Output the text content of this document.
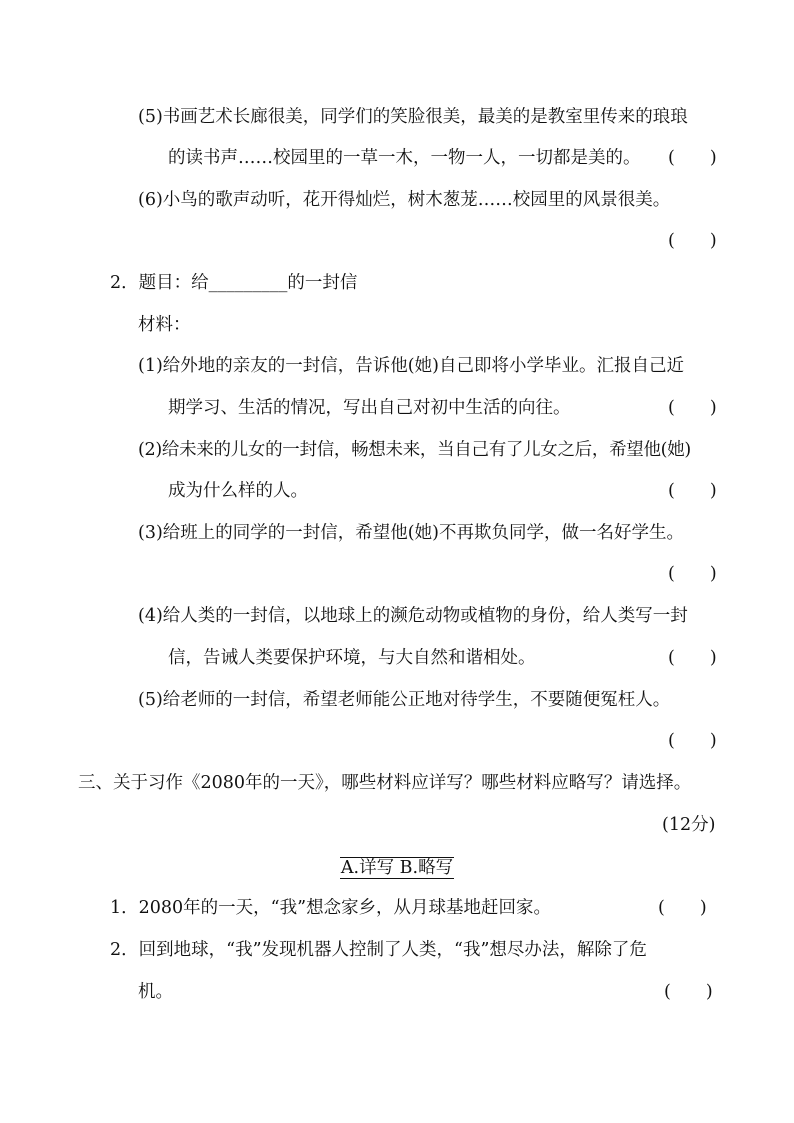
(5)书画艺术长廊很美，同学们的笑脸很美，最美的是教室里传来的琅琅
的读书声……校园里的一草一木，一物一人，一切都是美的。 (　　)
(6)小鸟的歌声动听，花开得灿烂，树木葱茏……校园里的风景很美。
(　　)
2．题目：给_________的一封信
材料：
(1)给外地的亲友的一封信，告诉他(她)自己即将小学毕业。汇报自己近
期学习、生活的情况，写出自己对初中生活的向往。	(　　)
(2)给未来的儿女的一封信，畅想未来，当自己有了儿女之后，希望他(她)
成为什么样的人。	(　　)
(3)给班上的同学的一封信，希望他(她)不再欺负同学，做一名好学生。
(　　)
(4)给人类的一封信，以地球上的濒危动物或植物的身份，给人类写一封
信，告诫人类要保护环境，与大自然和谐相处。	(　　)
(5)给老师的一封信，希望老师能公正地对待学生，不要随便冤枉人。
(　　)
三、关于习作《2080年的一天》，哪些材料应详写？哪些材料应略写？请选择。
(12分)
A.详写 B.略写
1．2080年的一天，“我”想念家乡，从月球基地赶回家。	(　　)
2．回到地球，“我”发现机器人控制了人类，“我”想尽办法，解除了危
机。	(　　)
